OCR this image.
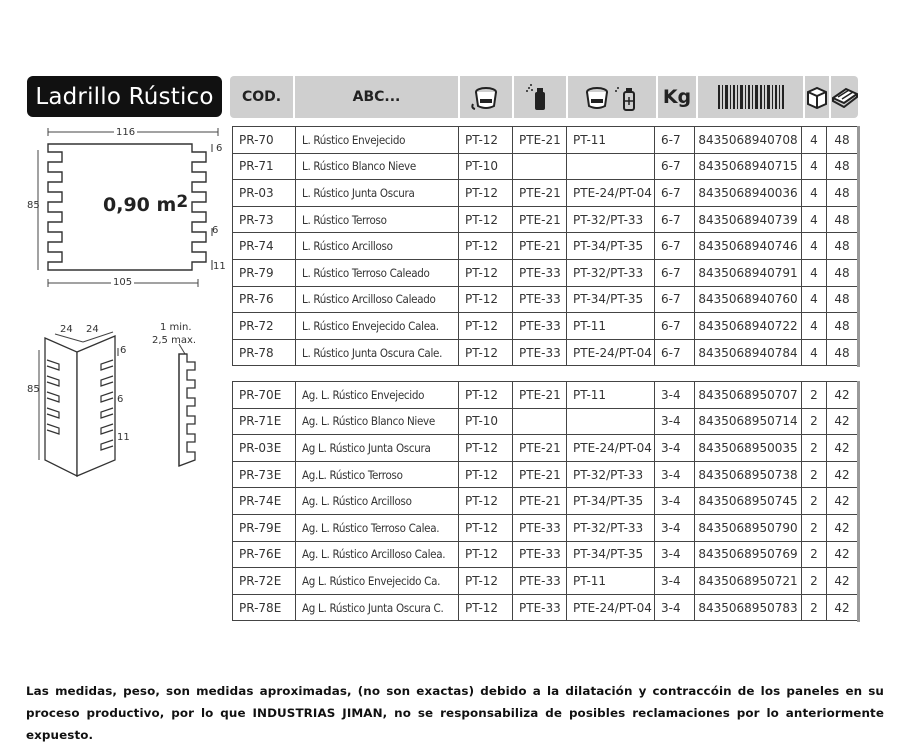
Ladrillo Rústico	COD.	ABC...	Kg
PR-70	L. Rústico Envejecido	PT-12	PTE-21	PT-11	6-7	8435068940708	4	48
PR-71	L. Rústico Blanco Nieve	PT-10			6-7	8435068940715	4	48
PR-03	L. Rústico Junta Oscura	PT-12	PTE-21	PTE-24/PT-04	6-7	8435068940036	4	48
PR-73	L. Rústico Terroso	PT-12	PTE-21	PT-32/PT-33	6-7	8435068940739	4	48
PR-74	L. Rústico Arcilloso	PT-12	PTE-21	PT-34/PT-35	6-7	8435068940746	4	48
PR-79	L. Rústico Terroso Caleado	PT-12	PTE-33	PT-32/PT-33	6-7	8435068940791	4	48
PR-76	L. Rústico Arcilloso Caleado	PT-12	PTE-33	PT-34/PT-35	6-7	8435068940760	4	48
PR-72	L. Rústico Envejecido Calea.	PT-12	PTE-33	PT-11	6-7	8435068940722	4	48
PR-78	L. Rústico Junta Oscura Cale.	PT-12	PTE-33	PTE-24/PT-04	6-7	8435068940784	4	48
PR-70E	Ag. L. Rústico Envejecido	PT-12	PTE-21	PT-11	3-4	8435068950707	2	42
PR-71E	Ag. L. Rústico Blanco Nieve	PT-10			3-4	8435068950714	2	42
PR-03E	Ag L. Rústico Junta Oscura	PT-12	PTE-21	PTE-24/PT-04	3-4	8435068950035	2	42
PR-73E	Ag.L. Rústico Terroso	PT-12	PTE-21	PT-32/PT-33	3-4	8435068950738	2	42
PR-74E	Ag. L. Rústico Arcilloso	PT-12	PTE-21	PT-34/PT-35	3-4	8435068950745	2	42
PR-79E	Ag. L. Rústico Terroso Calea.	PT-12	PTE-33	PT-32/PT-33	3-4	8435068950790	2	42
PR-76E	Ag. L. Rústico Arcilloso Calea.	PT-12	PTE-33	PT-34/PT-35	3-4	8435068950769	2	42
PR-72E	Ag L. Rústico Envejecido Ca.	PT-12	PTE-33	PT-11	3-4	8435068950721	2	42
PR-78E	Ag L. Rústico Junta Oscura C.	PT-12	PTE-33	PTE-24/PT-04	3-4	8435068950783	2	42
116
105
85
6
6
11
0,90 $m^2$
24 24
85
6
6
11
1 min.
2,5 max.
Las medidas, peso, son medidas aproximadas, (no son exactas) debido a la dilatación y contraccóin de los paneles en su proceso productivo, por lo que INDUSTRIAS JIMAN, no se responsabiliza de posibles reclamaciones por lo anteriormente expuesto.
